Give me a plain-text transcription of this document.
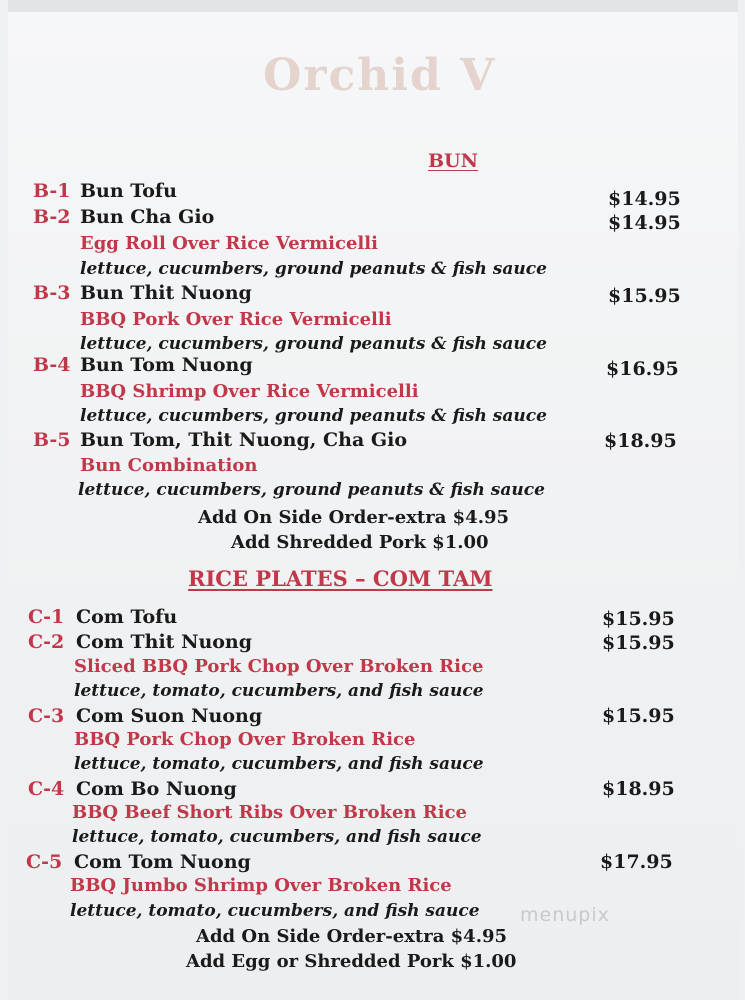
Orchid V
BUN
B-1 Bun Tofu	$14.95
B-2 Bun Cha Gio	$14.95
Egg Roll Over Rice Vermicelli
lettuce, cucumbers, ground peanuts & fish sauce
B-3 Bun Thit Nuong	$15.95
BBQ Pork Over Rice Vermicelli
lettuce, cucumbers, ground peanuts & fish sauce
B-4 Bun Tom Nuong	$16.95
BBQ Shrimp Over Rice Vermicelli
lettuce, cucumbers, ground peanuts & fish sauce
B-5 Bun Tom, Thit Nuong, Cha Gio	$18.95
Bun Combination
lettuce, cucumbers, ground peanuts & fish sauce
Add On Side Order-extra $4.95
Add Shredded Pork $1.00
RICE PLATES – COM TAM
C-1 Com Tofu	$15.95
C-2 Com Thit Nuong	$15.95
Sliced BBQ Pork Chop Over Broken Rice
lettuce, tomato, cucumbers, and fish sauce
C-3 Com Suon Nuong	$15.95
BBQ Pork Chop Over Broken Rice
lettuce, tomato, cucumbers, and fish sauce
C-4 Com Bo Nuong	$18.95
BBQ Beef Short Ribs Over Broken Rice
lettuce, tomato, cucumbers, and fish sauce
C-5 Com Tom Nuong	$17.95
BBQ Jumbo Shrimp Over Broken Rice
lettuce, tomato, cucumbers, and fish sauce
Add On Side Order-extra $4.95
Add Egg or Shredded Pork $1.00
menupix
